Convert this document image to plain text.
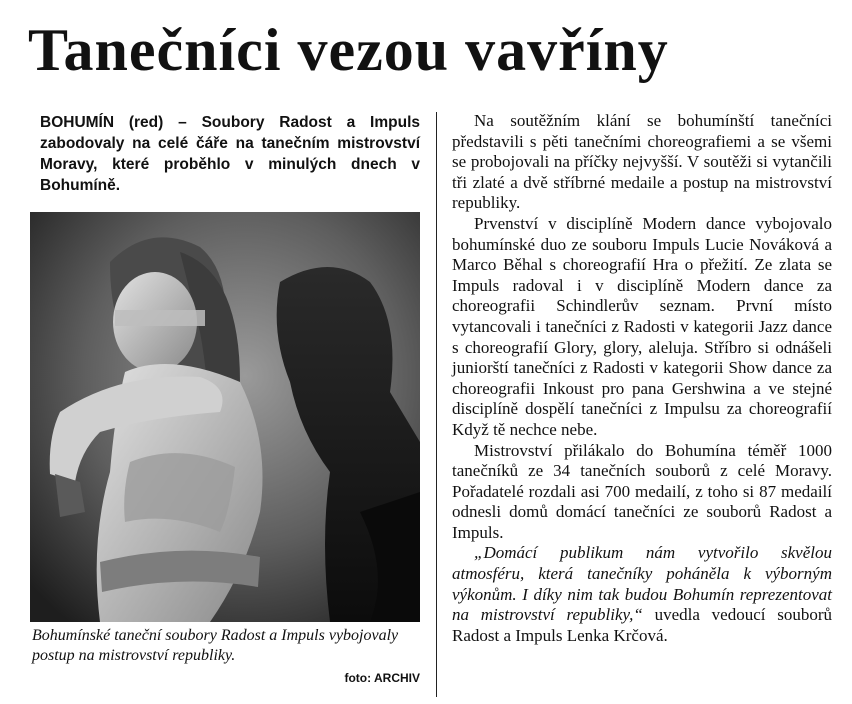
Tanečníci vezou vavříny

BOHUMÍN (red) – Soubory Radost a Impuls zabodovaly na celé čáře na tanečním mistrovství Moravy, které proběhlo v minulých dnech v Bohumíně.

Bohumínské taneční soubory Radost a Impuls vybojovaly postup na mistrovství republiky.

foto: ARCHIV

Na soutěžním klání se bohumínští tanečníci představili s pěti tanečními choreografiemi a se všemi se probojovali na příčky nejvyšší. V soutěži si vytančili tři zlaté a dvě stříbrné medaile a postup na mistrovství republiky.

Prvenství v disciplíně Modern dance vybojovalo bohumínské duo ze souboru Impuls Lucie Nováková a Marco Běhal s choreografií Hra o přežití. Ze zlata se Impuls radoval i v disciplíně Modern dance za choreografii Schindlerův seznam. První místo vytancovali i tanečníci z Radosti v kategorii Jazz dance s choreografií Glory, glory, aleluja. Stříbro si odnášeli juniorští tanečníci z Radosti v kategorii Show dance za choreografii Inkoust pro pana Gershwina a ve stejné disciplíně dospělí tanečníci z Impulsu za choreografií Když tě nechce nebe.

Mistrovství přilákalo do Bohumína téměř 1000 tanečníků ze 34 tanečních souborů z celé Moravy. Pořadatelé rozdali asi 700 medailí, z toho si 87 medailí odnesli domů domácí tanečníci ze souborů Radost a Impuls.

„Domácí publikum nám vytvořilo skvělou atmosféru, která tanečníky poháněla k výborným výkonům. I díky nim tak budou Bohumín reprezentovat na mistrovství republiky,“ uvedla vedoucí souborů Radost a Impuls Lenka Krčová.
